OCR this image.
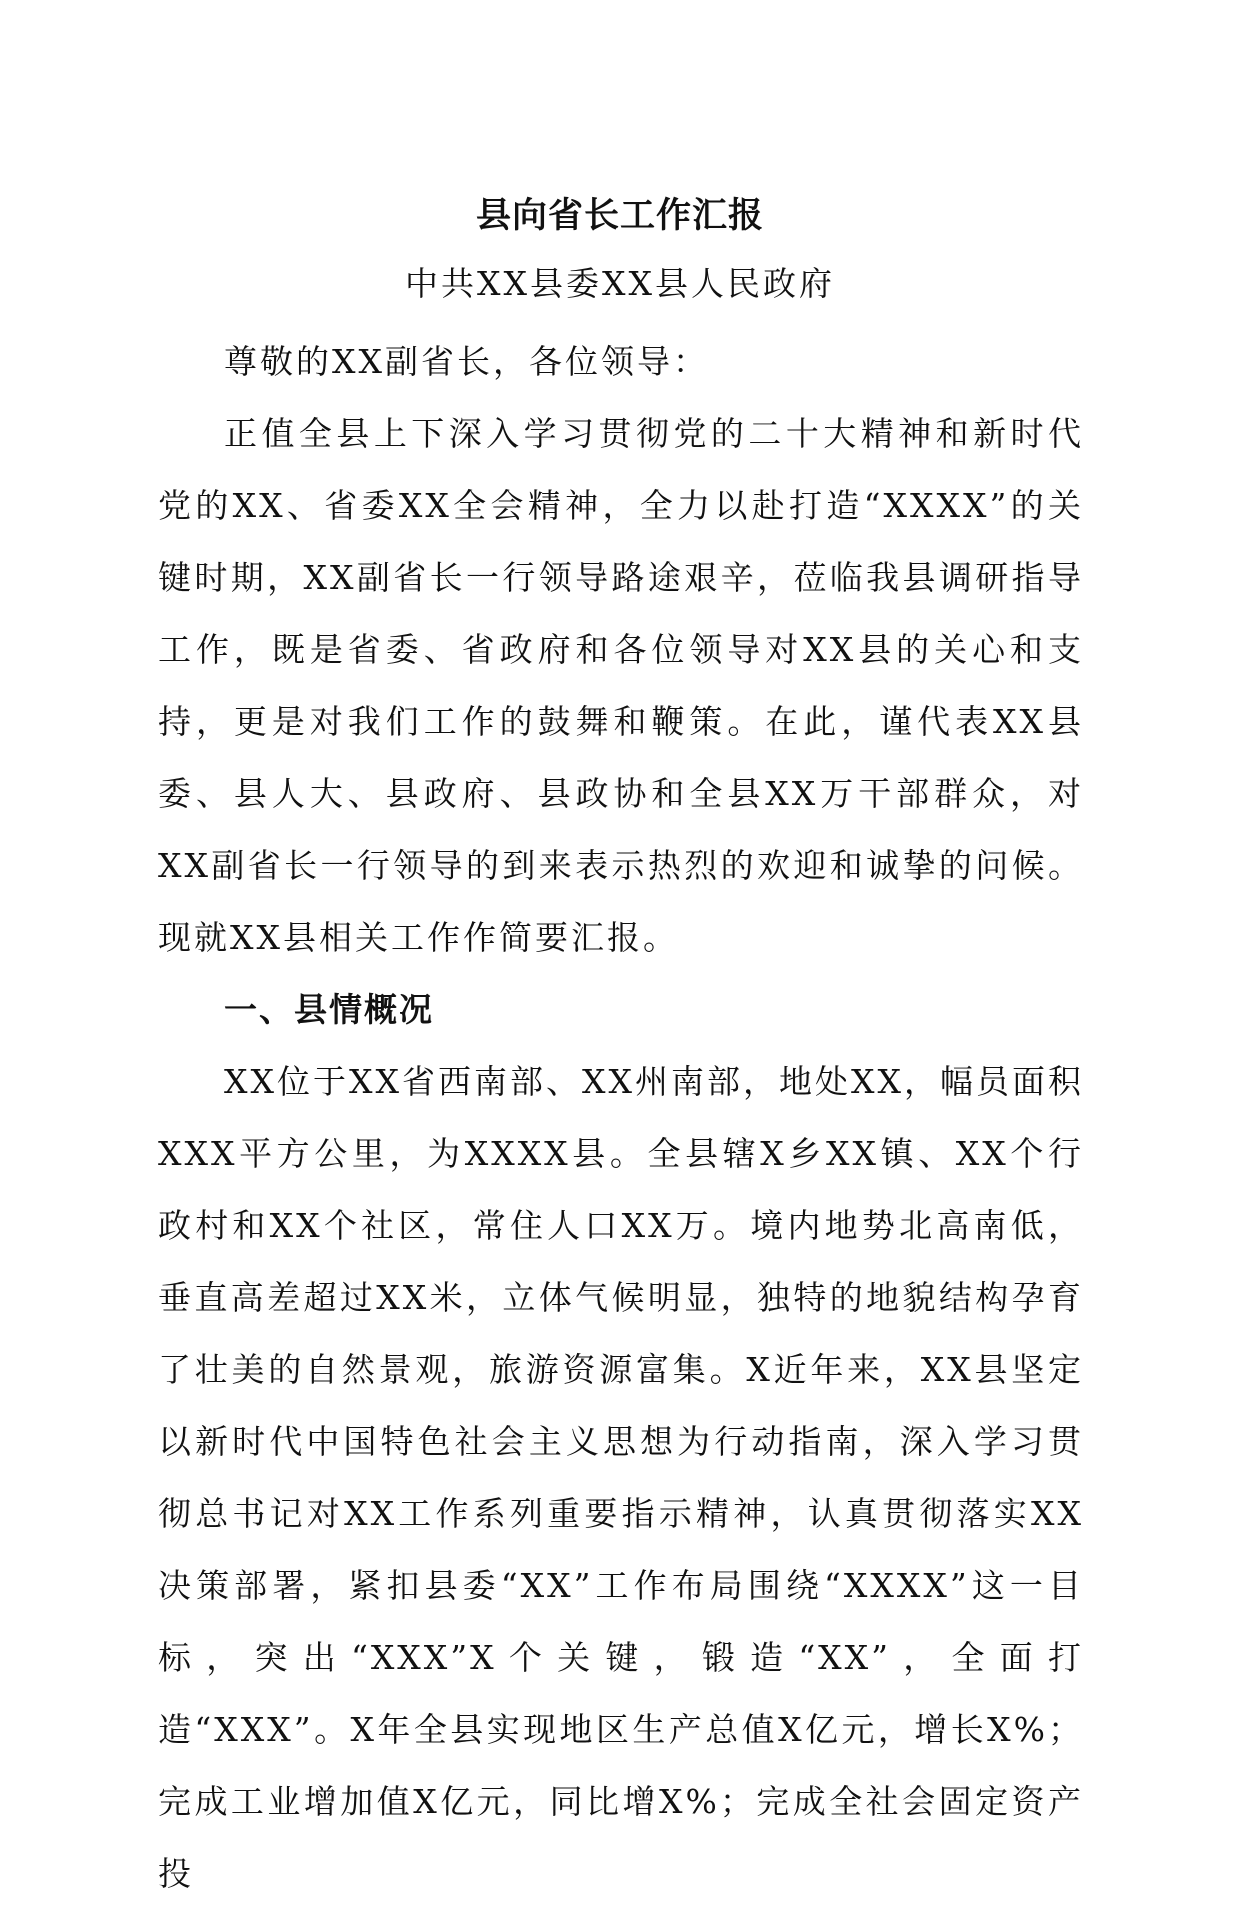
县向省长工作汇报
中共XX县委XX县人民政府

尊敬的XX副省长，各位领导：

正值全县上下深入学习贯彻党的二十大精神和新时代党的XX、省委XX全会精神，全力以赴打造“XXXX”的关键时期，XX副省长一行领导路途艰辛，莅临我县调研指导工作，既是省委、省政府和各位领导对XX县的关心和支持，更是对我们工作的鼓舞和鞭策。在此，谨代表XX县委、县人大、县政府、县政协和全县XX万干部群众，对XX副省长一行领导的到来表示热烈的欢迎和诚挚的问候。现就XX县相关工作作简要汇报。

一、县情概况

XX位于XX省西南部、XX州南部，地处XX，幅员面积XXX平方公里，为XXXX县。全县辖X乡XX镇、XX个行政村和XX个社区，常住人口XX万。境内地势北高南低，垂直高差超过XX米，立体气候明显，独特的地貌结构孕育了壮美的自然景观，旅游资源富集。X近年来，XX县坚定以新时代中国特色社会主义思想为行动指南，深入学习贯彻总书记对XX工作系列重要指示精神，认真贯彻落实XX决策部署，紧扣县委“XX”工作布局围绕“XXXX”这一目标，突出“XXX”X个关键，锻造“XX”，全面打造“XXX”。X年全县实现地区生产总值X亿元，增长X%；完成工业增加值X亿元，同比增X%；完成全社会固定资产投
